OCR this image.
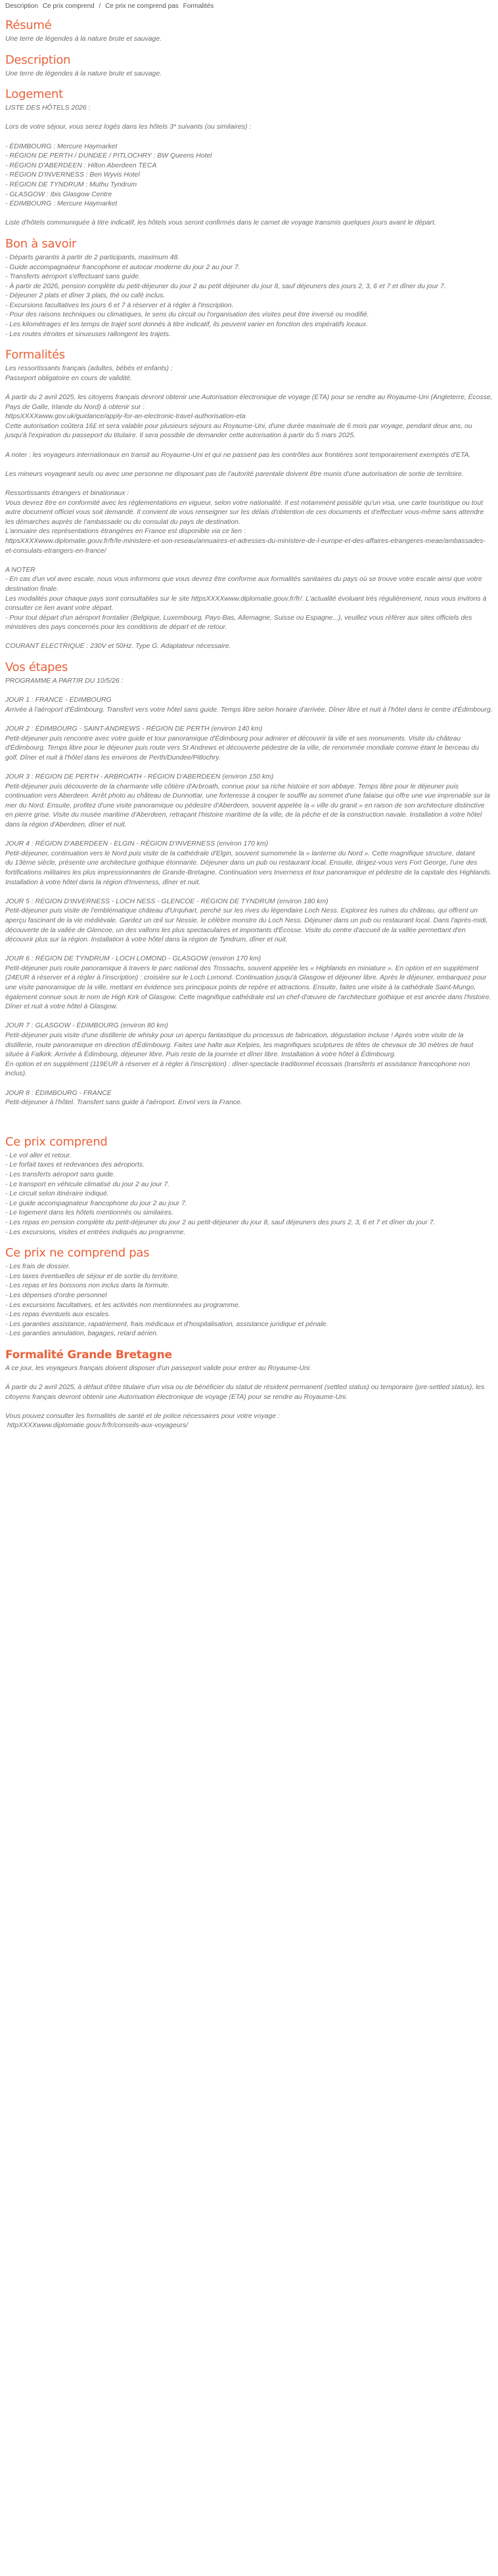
Description Ce prix comprend / Ce prix ne comprend pas Formalités
Résumé

Une terre de légendes à la nature brute et sauvage.

Description

Une terre de légendes à la nature brute et sauvage.

Logement

LISTE DES HÔTELS 2026 :

Lors de votre séjour, vous serez logés dans les hôtels 3* suivants (ou similaires) :

- ÉDIMBOURG : Mercure Haymarket
- RÉGION DE PERTH / DUNDEE / PITLOCHRY : BW Queens Hotel
- RÉGION D'ABERDEEN : Hilton Aberdeen TECA
- RÉGION D'INVERNESS : Ben Wyvis Hotel
- RÉGION DE TYNDRUM : Muthu Tyndrum
- GLASGOW : Ibis Glasgow Centre
- ÉDIMBOURG : Mercure Haymarket

Liste d'hôtels communiquée à titre indicatif, les hôtels vous seront confirmés dans le carnet de voyage transmis quelques jours avant le départ.

Bon à savoir

- Départs garantis à partir de 2 participants, maximum 48.
- Guide accompagnateur francophone et autocar moderne du jour 2 au jour 7.
- Transferts aéroport s'effectuant sans guide.
- À partir de 2026, pension complète du petit-déjeuner du jour 2 au petit déjeuner du jour 8, sauf déjeuners des jours 2, 3, 6 et 7 et dîner du jour 7.
- Déjeuner 2 plats et dîner 3 plats, thé ou café inclus.
- Excursions facultatives les jours 6 et 7 à réserver et à régler à l'inscription.
- Pour des raisons techniques ou climatiques, le sens du circuit ou l'organisation des visites peut être inversé ou modifié.
- Les kilométrages et les temps de trajet sont donnés à titre indicatif, ils peuvent varier en fonction des impératifs locaux.
- Les routes étroites et sinueuses rallongent les trajets.

Formalités

Les ressortissants français (adultes, bébés et enfants) :
Passeport obligatoire en cours de validité.

À partir du 2 avril 2025, les citoyens français devront obtenir une Autorisation électronique de voyage (ETA) pour se rendre au Royaume-Uni (Angleterre, Écosse, Pays de Galle, Irlande du Nord) à obtenir sur :
httpsXXXXwww.gov.uk/guidance/apply-for-an-electronic-travel-authorisation-eta
Cette autorisation coûtera 16£ et sera valable pour plusieurs séjours au Royaume-Uni, d'une durée maximale de 6 mois par voyage, pendant deux ans, ou jusqu'à l'expiration du passeport du titulaire. Il sera possible de demander cette autorisation à partir du 5 mars 2025.

A noter : les voyageurs internationaux en transit au Royaume-Uni et qui ne passent pas les contrôles aux frontières sont temporairement exemptés d'ETA.

Les mineurs voyageant seuls ou avec une personne ne disposant pas de l'autorité parentale doivent être munis d'une autorisation de sortie de territoire.

Ressortissants étrangers et binationaux :
Vous devrez être en conformité avec les réglementations en vigueur, selon votre nationalité. Il est notamment possible qu'un visa, une carte touristique ou tout autre document officiel vous soit demandé. Il convient de vous renseigner sur les délais d'obtention de ces documents et d'effectuer vous-même sans attendre les démarches auprès de l'ambassade ou du consulat du pays de destination.
L'annuaire des représentations étrangères en France est disponible via ce lien :
httpsXXXXwww.diplomatie.gouv.fr/fr/le-ministere-et-son-reseau/annuaires-et-adresses-du-ministere-de-l-europe-et-des-affaires-etrangeres-meae/ambassades-et-consulats-etrangers-en-france/

A NOTER
- En cas d'un vol avec escale, nous vous informons que vous devrez être conforme aux formalités sanitaires du pays où se trouve votre escale ainsi que votre destination finale.
Les modalités pour chaque pays sont consultables sur le site httpsXXXXwww.diplomatie.gouv.fr/fr/. L'actualité évoluant très régulièrement, nous vous invitons à consulter ce lien avant votre départ.
- Pour tout départ d'un aéroport frontalier (Belgique, Luxembourg, Pays-Bas, Allemagne, Suisse ou Espagne...), veuillez vous référer aux sites officiels des ministères des pays concernés pour les conditions de départ et de retour.

COURANT ELECTRIQUE : 230V et 50Hz. Type G. Adaptateur nécessaire.

Vos étapes

PROGRAMME A PARTIR DU 10/5/26 :

JOUR 1 : FRANCE - ÉDIMBOURG
Arrivée à l'aéroport d'Édimbourg. Transfert vers votre hôtel sans guide. Temps libre selon horaire d'arrivée. Dîner libre et nuit à l'hôtel dans le centre d'Édimbourg.

JOUR 2 : ÉDIMBOURG - SAINT-ANDREWS - RÉGION DE PERTH (environ 140 km)
Petit-déjeuner puis rencontre avec votre guide et tour panoramique d'Édimbourg pour admirer et découvrir la ville et ses monuments. Visite du château d'Édimbourg. Temps libre pour le déjeuner puis route vers St Andrews et découverte pédestre de la ville, de renommée mondiale comme étant le berceau du golf. Dîner et nuit à l'hôtel dans les environs de Perth/Dundee/Pitlochry.

JOUR 3 : RÉGION DE PERTH - ARBROATH - RÉGION D'ABERDEEN (environ 150 km)
Petit-déjeuner puis découverte de la charmante ville côtière d'Arbroath, connue pour sa riche histoire et son abbaye. Temps libre pour le déjeuner puis continuation vers Aberdeen. Arrêt photo au château de Dunnottar, une forteresse à couper le souffle au sommet d'une falaise qui offre une vue imprenable sur la mer du Nord. Ensuite, profitez d'une visite panoramique ou pédestre d'Aberdeen, souvent appelée la « ville du granit » en raison de son architecture distinctive en pierre grise. Visite du musée maritime d'Aberdeen, retraçant l'histoire maritime de la ville, de la pêche et de la construction navale. Installation à votre hôtel dans la région d'Aberdeen, dîner et nuit.

JOUR 4 : RÉGION D'ABERDEEN - ELGIN - RÉGION D'INVERNESS (environ 170 km)
Petit-déjeuner, continuation vers le Nord puis visite de la cathédrale d'Elgin, souvent surnommée la « lanterne du Nord ». Cette magnifique structure, datant
du 13ème siècle, présente une architecture gothique étonnante. Déjeuner dans un pub ou restaurant local. Ensuite, dirigez-vous vers Fort George, l'une des
fortifications militaires les plus impressionnantes de Grande-Bretagne. Continuation vers Inverness et tour panoramique et pédestre de la capitale des Highlands. Installation à votre hôtel dans la région d'Inverness, dîner et nuit.

JOUR 5 : RÉGION D'INVERNESS - LOCH NESS - GLENCOE - RÉGION DE TYNDRUM (environ 180 km)
Petit-déjeuner puis visite de l'emblématique château d'Urquhart, perché sur les rives du légendaire Loch Ness. Explorez les ruines du château, qui offrent un
aperçu fascinant de la vie médiévale. Gardez un œil sur Nessie, le célèbre monstre du Loch Ness. Déjeuner dans un pub ou restaurant local. Dans l'après-midi, découverte de la vallée de Glencoe, un des vallons les plus spectaculaires et importants d'Écosse. Visite du centre d'accueil de la vallée permettant d'en
découvrir plus sur la région. Installation à votre hôtel dans la région de Tyndrum, dîner et nuit.

JOUR 6 : RÉGION DE TYNDRUM - LOCH LOMOND - GLASGOW (environ 170 km)
Petit-déjeuner puis route panoramique à travers le parc national des Trossachs, souvent appelée les « Highlands en miniature ». En option et en supplément (24EUR à réserver et à régler à l'inscription) : croisière sur le Loch Lomond. Continuation jusqu'à Glasgow et déjeuner libre. Après le déjeuner, embarquez pour une visite panoramique de la ville, mettant en évidence ses principaux points de repère et attractions. Ensuite, faites une visite à la cathédrale Saint-Mungo, également connue sous le nom de High Kirk of Glasgow. Cette magnifique cathédrale est un chef-d'œuvre de l'architecture gothique et est ancrée dans l'histoire. Dîner et nuit à votre hôtel à Glasgow.

JOUR 7 : GLASGOW - ÉDIMBOURG (environ 80 km)
Petit-déjeuner puis visite d'une distillerie de whisky pour un aperçu fantastique du processus de fabrication, dégustation incluse ! Après votre visite de la distillerie, route panoramique en direction d'Édimbourg. Faites une halte aux Kelpies, les magnifiques sculptures de têtes de chevaux de 30 mètres de haut située à Falkirk. Arrivée à Édimbourg, déjeuner libre. Puis reste de la journée et dîner libre. Installation à votre hôtel à Édimbourg.
En option et en supplément (119EUR à réserver et à régler à l'inscription) : dîner-spectacle traditionnel écossais (transferts et assistance francophone non inclus).

JOUR 8 : ÉDIMBOURG - FRANCE
Petit-déjeuner à l'hôtel. Transfert sans guide à l'aéroport. Envol vers la France.

Ce prix comprend

- Le vol aller et retour.
- Le forfait taxes et redevances des aéroports.
- Les transferts aéroport sans guide.
- Le transport en véhicule climatisé du jour 2 au jour 7.
- Le circuit selon itinéraire indiqué.
- Le guide accompagnateur francophone du jour 2 au jour 7.
- Le logement dans les hôtels mentionnés ou similaires.
- Les repas en pension complète du petit-déjeuner du jour 2 au petit-déjeuner du jour 8, sauf déjeuners des jours 2, 3, 6 et 7 et dîner du jour 7.
- Les excursions, visites et entrées indiqués au programme.

Ce prix ne comprend pas

- Les frais de dossier.
- Les taxes éventuelles de séjour et de sortie du territoire.
- Les repas et les boissons non inclus dans la formule.
- Les dépenses d'ordre personnel
- Les excursions facultatives, et les activités non mentionnées au programme.
- Les repas éventuels aux escales.
- Les garanties assistance, rapatriement, frais médicaux et d'hospitalisation, assistance juridique et pénale.
- Les garanties annulation, bagages, retard aérien.

Formalité Grande Bretagne

A ce jour, les voyageurs français doivent disposer d'un passeport valide pour entrer au Royaume-Uni.

À partir du 2 avril 2025, à défaut d'être titulaire d'un visa ou de bénéficier du statut de résident permanent (settled status) ou temporaire (pre-settled status), les citoyens français devront obtenir une Autorisation électronique de voyage (ETA) pour se rendre au Royaume-Uni.

Vous pouvez consulter les formalités de santé et de police nécessaires pour votre voyage :
httpXXXXwww.diplomatie.gouv.fr/fr/conseils-aux-voyageurs/
